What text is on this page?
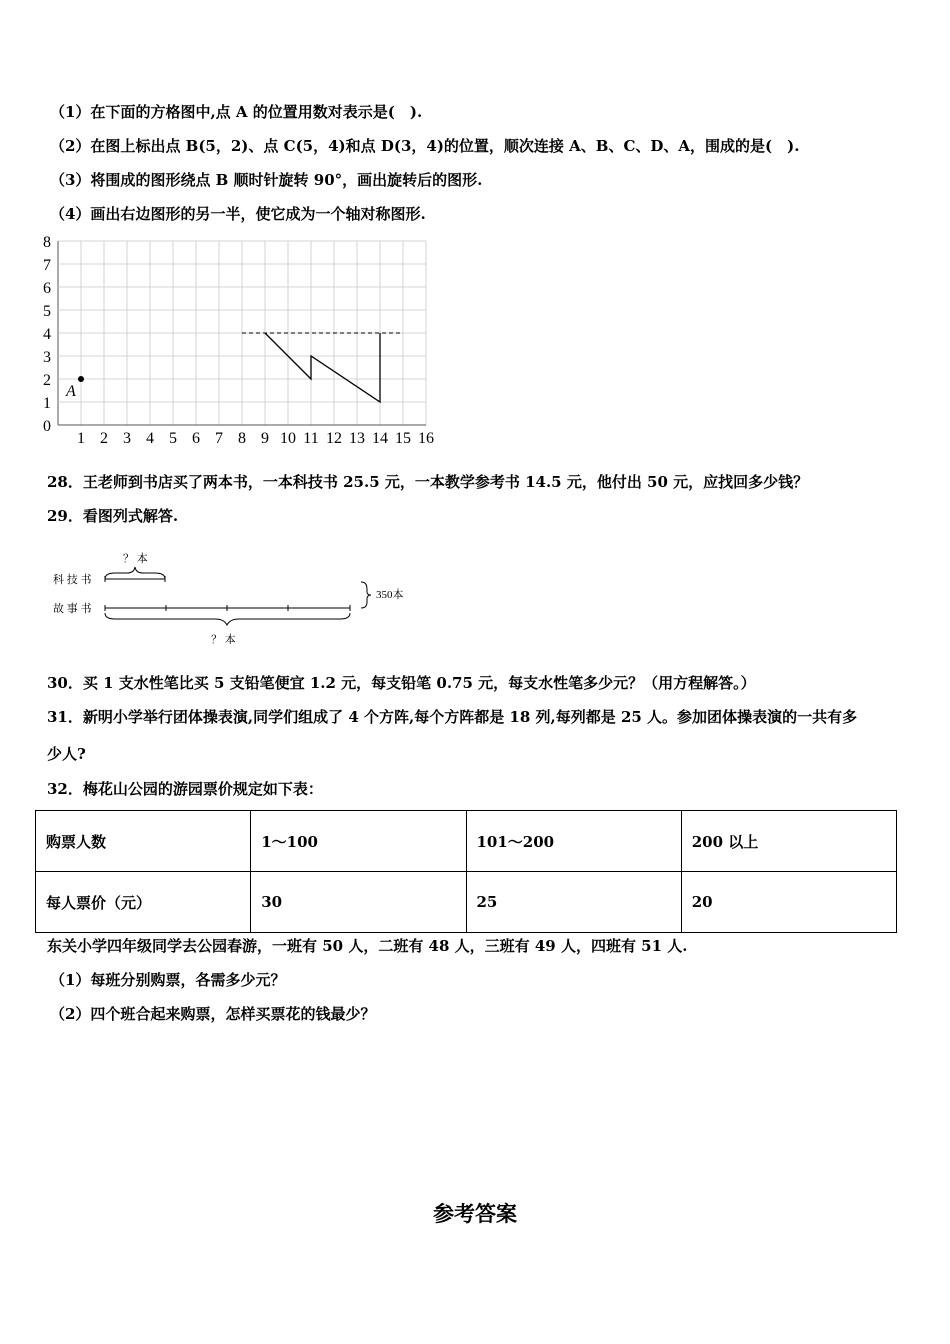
（1）在下面的方格图中,点 A 的位置用数对表示是(　).
（2）在图上标出点 B(5，2)、点 C(5，4)和点 D(3，4)的位置，顺次连接 A、B、C、D、A，围成的是(　).
（3）将围成的图形绕点 B 顺时针旋转 90°，画出旋转后的图形.
（4）画出右边图形的另一半，使它成为一个轴对称图形.
1 2 3 4 5 6 7 8 9 10 11 12 13 14 15 16
0
1
2
3
4
5
6
7
8
A
28．王老师到书店买了两本书，一本科技书 25.5 元，一本教学参考书 14.5 元，他付出 50 元，应找回多少钱？
29．看图列式解答.
？ 本
科 技 书
故 事 书
？ 本
350本
30．买 1 支水性笔比买 5 支铅笔便宜 1.2 元，每支铅笔 0.75 元，每支水性笔多少元？（用方程解答。）
31．新明小学举行团体操表演,同学们组成了 4 个方阵,每个方阵都是 18 列,每列都是 25 人。参加团体操表演的一共有多
少人?
32．梅花山公园的游园票价规定如下表：
购票人数	1～100	101～200	200 以上
每人票价（元）	30	25	20
东关小学四年级同学去公园春游，一班有 50 人，二班有 48 人，三班有 49 人，四班有 51 人.
（1）每班分别购票，各需多少元？
（2）四个班合起来购票，怎样买票花的钱最少？
参考答案
